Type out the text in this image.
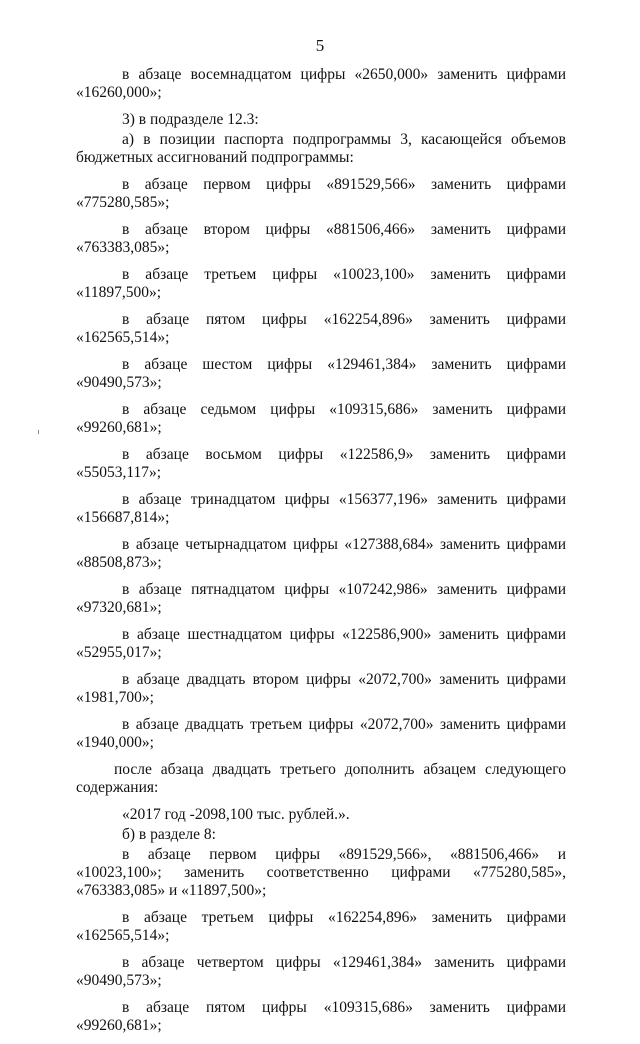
5

в абзаце восемнадцатом цифры «2650,000» заменить цифрами «16260,000»;

3) в подразделе 12.3:

а) в позиции паспорта подпрограммы 3, касающейся объемов бюджетных ассигнований подпрограммы:

в абзаце первом цифры «891529,566» заменить цифрами «775280,585»;

в абзаце втором цифры «881506,466» заменить цифрами «763383,085»;

в абзаце третьем цифры «10023,100» заменить цифрами «11897,500»;

в абзаце пятом цифры «162254,896» заменить цифрами «162565,514»;

в абзаце шестом цифры «129461,384» заменить цифрами «90490,573»;

в абзаце седьмом цифры «109315,686» заменить цифрами «99260,681»;

в абзаце восьмом цифры «122586,9» заменить цифрами «55053,117»;

в абзаце тринадцатом цифры «156377,196» заменить цифрами «156687,814»;

в абзаце четырнадцатом цифры «127388,684» заменить цифрами «88508,873»;

в абзаце пятнадцатом цифры «107242,986» заменить цифрами «97320,681»;

в абзаце шестнадцатом цифры «122586,900» заменить цифрами «52955,017»;

в абзаце двадцать втором цифры «2072,700» заменить цифрами «1981,700»;

в абзаце двадцать третьем цифры «2072,700» заменить цифрами «1940,000»;

после абзаца двадцать третьего дополнить абзацем следующего содержания:

«2017 год -2098,100 тыс. рублей.».

б) в разделе 8:

в абзаце первом цифры «891529,566», «881506,466» и «10023,100»; заменить соответственно цифрами «775280,585», «763383,085» и «11897,500»;

в абзаце третьем цифры «162254,896» заменить цифрами «162565,514»;

в абзаце четвертом цифры «129461,384» заменить цифрами «90490,573»;

в абзаце пятом цифры «109315,686» заменить цифрами «99260,681»;
